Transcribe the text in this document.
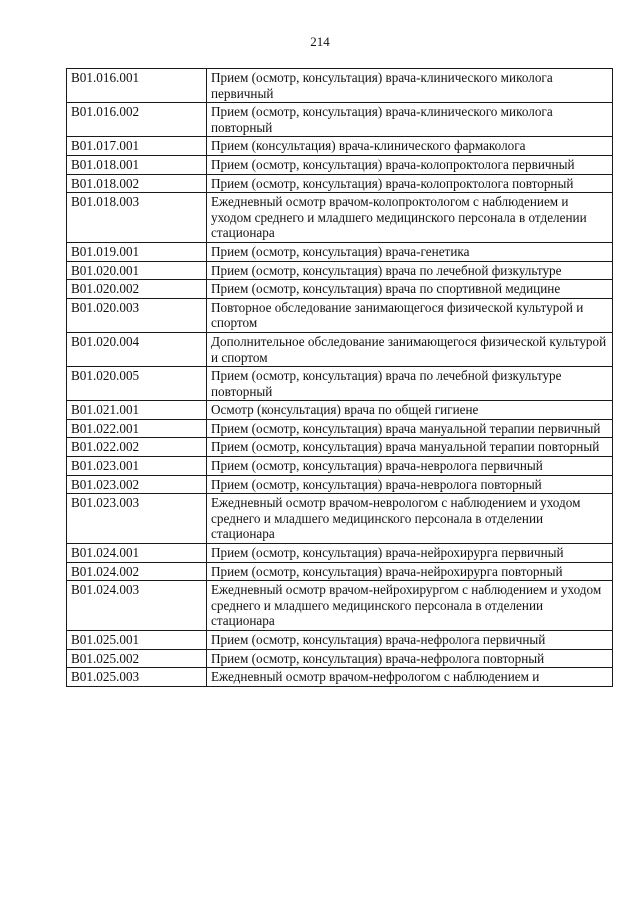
214
B01.016.001	Прием (осмотр, консультация) врача-клинического миколога первичный
B01.016.002	Прием (осмотр, консультация) врача-клинического миколога повторный
B01.017.001	Прием (консультация) врача-клинического фармаколога
B01.018.001	Прием (осмотр, консультация) врача-колопроктолога первичный
B01.018.002	Прием (осмотр, консультация) врача-колопроктолога повторный
B01.018.003	Ежедневный осмотр врачом-колопроктологом с наблюдением и уходом среднего и младшего медицинского персонала в отделении стационара
B01.019.001	Прием (осмотр, консультация) врача-генетика
B01.020.001	Прием (осмотр, консультация) врача по лечебной физкультуре
B01.020.002	Прием (осмотр, консультация) врача по спортивной медицине
B01.020.003	Повторное обследование занимающегося физической культурой и спортом
B01.020.004	Дополнительное обследование занимающегося физической культурой и спортом
B01.020.005	Прием (осмотр, консультация) врача по лечебной физкультуре повторный
B01.021.001	Осмотр (консультация) врача по общей гигиене
B01.022.001	Прием (осмотр, консультация) врача мануальной терапии первичный
B01.022.002	Прием (осмотр, консультация) врача мануальной терапии повторный
B01.023.001	Прием (осмотр, консультация) врача-невролога первичный
B01.023.002	Прием (осмотр, консультация) врача-невролога повторный
B01.023.003	Ежедневный осмотр врачом-неврологом с наблюдением и уходом среднего и младшего медицинского персонала в отделении стационара
B01.024.001	Прием (осмотр, консультация) врача-нейрохирурга первичный
B01.024.002	Прием (осмотр, консультация) врача-нейрохирурга повторный
B01.024.003	Ежедневный осмотр врачом-нейрохирургом с наблюдением и уходом среднего и младшего медицинского персонала в отделении стационара
B01.025.001	Прием (осмотр, консультация) врача-нефролога первичный
B01.025.002	Прием (осмотр, консультация) врача-нефролога повторный
B01.025.003	Ежедневный осмотр врачом-нефрологом с наблюдением и
